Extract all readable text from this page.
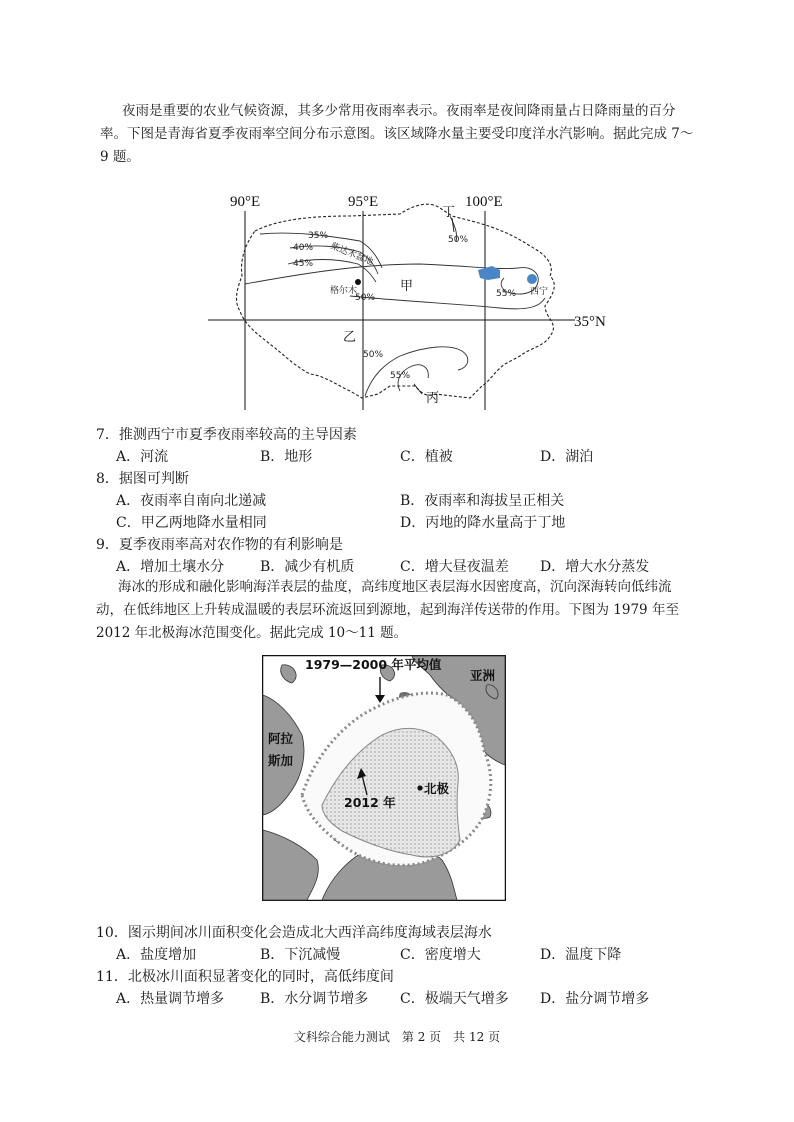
夜雨是重要的农业气候资源，其多少常用夜雨率表示。夜雨率是夜间降雨量占日降雨量的百分
率。下图是青海省夏季夜雨率空间分布示意图。该区域降水量主要受印度洋水汽影响。据此完成 7～
9 题。
90°E	95°E	100°E
35°N
35%
40%
45%
50%
50%	55%
50%
55%
丁
甲
乙
丙
西宁
格尔木
柴达木盆地
7．推测西宁市夏季夜雨率较高的主导因素
A．河流	B．地形	C．植被	D．湖泊
8．据图可判断
A．夜雨率自南向北递减	B．夜雨率和海拔呈正相关
C．甲乙两地降水量相同	D．丙地的降水量高于丁地
9．夏季夜雨率高对农作物的有利影响是
A．增加土壤水分	B．减少有机质	C．增大昼夜温差 D．增大水分蒸发
海冰的形成和融化影响海洋表层的盐度，高纬度地区表层海水因密度高，沉向深海转向低纬流
动，在低纬地区上升转成温暖的表层环流返回到源地，起到海洋传送带的作用。下图为 1979 年至
2012 年北极海冰范围变化。据此完成 10～11 题。
1979—2000 年平均值
亚洲
阿拉
斯加
2012 年
北极
10．图示期间冰川面积变化会造成北大西洋高纬度海域表层海水
A．盐度增加	B．下沉减慢	C．密度增大	D．温度下降
11．北极冰川面积显著变化的同时，高低纬度间
A．热量调节增多	B．水分调节增多 C．极端天气增多 D．盐分调节增多
文科综合能力测试　第 2 页　共 12 页
